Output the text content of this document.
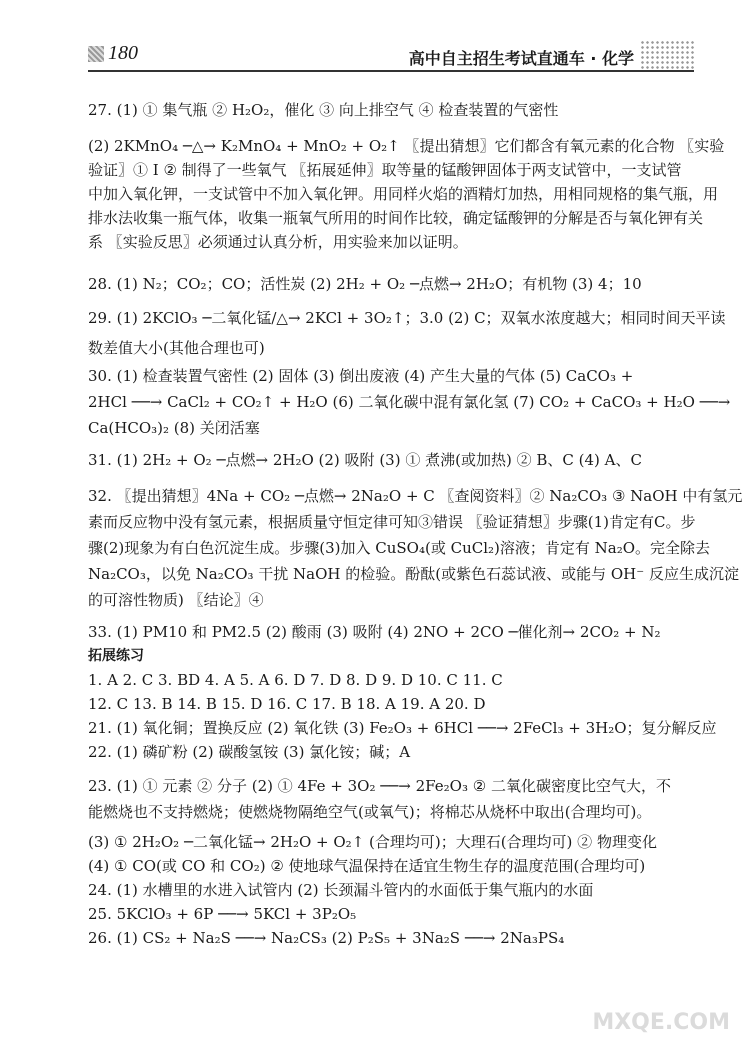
180	高中自主招生考试直通车 · 化学
27. (1) ① 集气瓶 ② H₂O₂，催化 ③ 向上排空气 ④ 检查装置的气密性
(2) 2KMnO₄ ─△→ K₂MnO₄ + MnO₂ + O₂↑ 〖提出猜想〗它们都含有氧元素的化合物 〖实验
验证〗① Ⅰ ② 制得了一些氧气 〖拓展延伸〗取等量的锰酸钾固体于两支试管中，一支试管
中加入氧化钾，一支试管中不加入氧化钾。用同样火焰的酒精灯加热，用相同规格的集气瓶，用
排水法收集一瓶气体，收集一瓶氧气所用的时间作比较，确定锰酸钾的分解是否与氧化钾有关
系 〖实验反思〗必须通过认真分析，用实验来加以证明。
28. (1) N₂；CO₂；CO；活性炭 (2) 2H₂ + O₂ ─点燃→ 2H₂O；有机物 (3) 4；10
29. (1) 2KClO₃ ─二氧化锰/△→ 2KCl + 3O₂↑；3.0 (2) C；双氧水浓度越大；相同时间天平读
数差值大小(其他合理也可)
30. (1) 检查装置气密性 (2) 固体 (3) 倒出废液 (4) 产生大量的气体 (5) CaCO₃ +
2HCl ──→ CaCl₂ + CO₂↑ + H₂O (6) 二氧化碳中混有氯化氢 (7) CO₂ + CaCO₃ + H₂O ──→
Ca(HCO₃)₂ (8) 关闭活塞
31. (1) 2H₂ + O₂ ─点燃→ 2H₂O (2) 吸附 (3) ① 煮沸(或加热) ② B、C (4) A、C
32. 〖提出猜想〗4Na + CO₂ ─点燃→ 2Na₂O + C 〖查阅资料〗② Na₂CO₃ ③ NaOH 中有氢元
素而反应物中没有氢元素，根据质量守恒定律可知③错误 〖验证猜想〗步骤(1)肯定有C。步
骤(2)现象为有白色沉淀生成。步骤(3)加入 CuSO₄(或 CuCl₂)溶液；肯定有 Na₂O。完全除去
Na₂CO₃，以免 Na₂CO₃ 干扰 NaOH 的检验。酚酞(或紫色石蕊试液、或能与 OH⁻ 反应生成沉淀
的可溶性物质) 〖结论〗④
33. (1) PM10 和 PM2.5 (2) 酸雨 (3) 吸附 (4) 2NO + 2CO ─催化剂→ 2CO₂ + N₂
拓展练习
1. A 2. C 3. BD 4. A 5. A 6. D 7. D 8. D 9. D 10. C 11. C
12. C 13. B 14. B 15. D 16. C 17. B 18. A 19. A 20. D
21. (1) 氧化铜；置换反应 (2) 氧化铁 (3) Fe₂O₃ + 6HCl ──→ 2FeCl₃ + 3H₂O；复分解反应
22. (1) 磷矿粉 (2) 碳酸氢铵 (3) 氯化铵；碱；A
23. (1) ① 元素 ② 分子 (2) ① 4Fe + 3O₂ ──→ 2Fe₂O₃ ② 二氧化碳密度比空气大，不
能燃烧也不支持燃烧；使燃烧物隔绝空气(或氧气)；将棉芯从烧杯中取出(合理均可)。
(3) ① 2H₂O₂ ─二氧化锰→ 2H₂O + O₂↑ (合理均可)；大理石(合理均可) ② 物理变化
(4) ① CO(或 CO 和 CO₂) ② 使地球气温保持在适宜生物生存的温度范围(合理均可)
24. (1) 水槽里的水进入试管内 (2) 长颈漏斗管内的水面低于集气瓶内的水面
25. 5KClO₃ + 6P ──→ 5KCl + 3P₂O₅
26. (1) CS₂ + Na₂S ──→ Na₂CS₃ (2) P₂S₅ + 3Na₂S ──→ 2Na₃PS₄
MXQE.COM
